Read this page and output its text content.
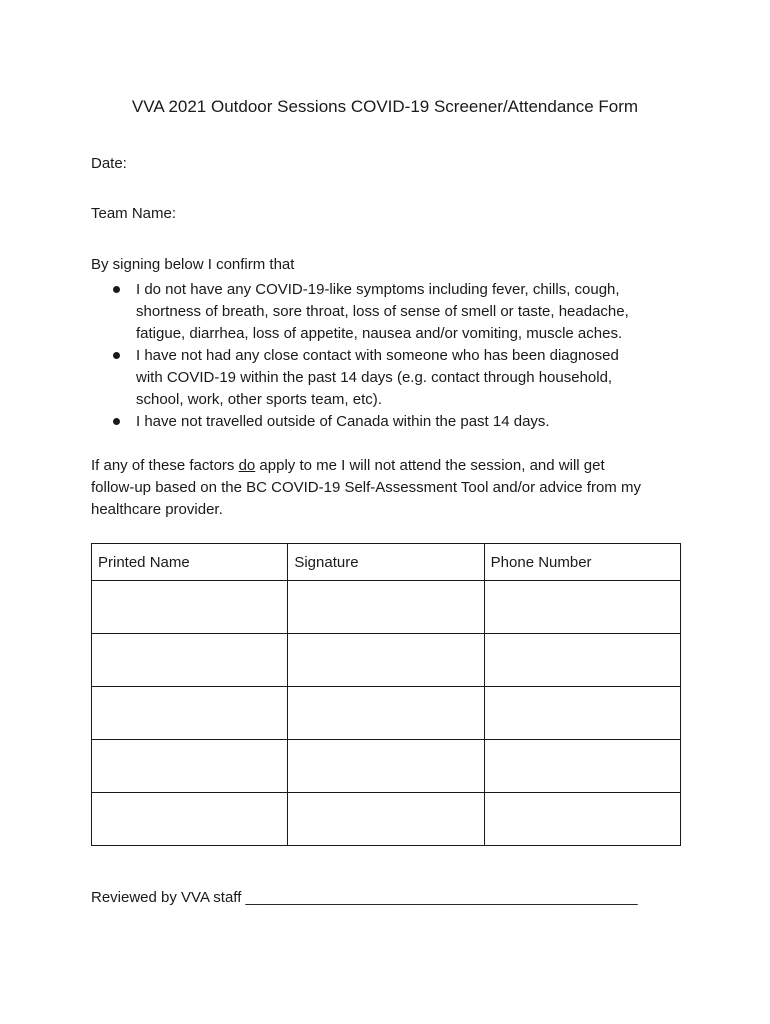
VVA 2021 Outdoor Sessions COVID-19 Screener/Attendance Form
Date:
Team Name:
By signing below I confirm that
I do not have any COVID-19-like symptoms including fever, chills, cough,
shortness of breath, sore throat, loss of sense of smell or taste, headache,
fatigue, diarrhea, loss of appetite, nausea and/or vomiting, muscle aches.
I have not had any close contact with someone who has been diagnosed
with COVID-19 within the past 14 days (e.g. contact through household,
school, work, other sports team, etc).
I have not travelled outside of Canada within the past 14 days.
If any of these factors do apply to me I will not attend the session, and will get
follow-up based on the BC COVID-19 Self-Assessment Tool and/or advice from my
healthcare provider.
Printed Name	Signature	Phone Number

Reviewed by VVA staff _______________________________________________
